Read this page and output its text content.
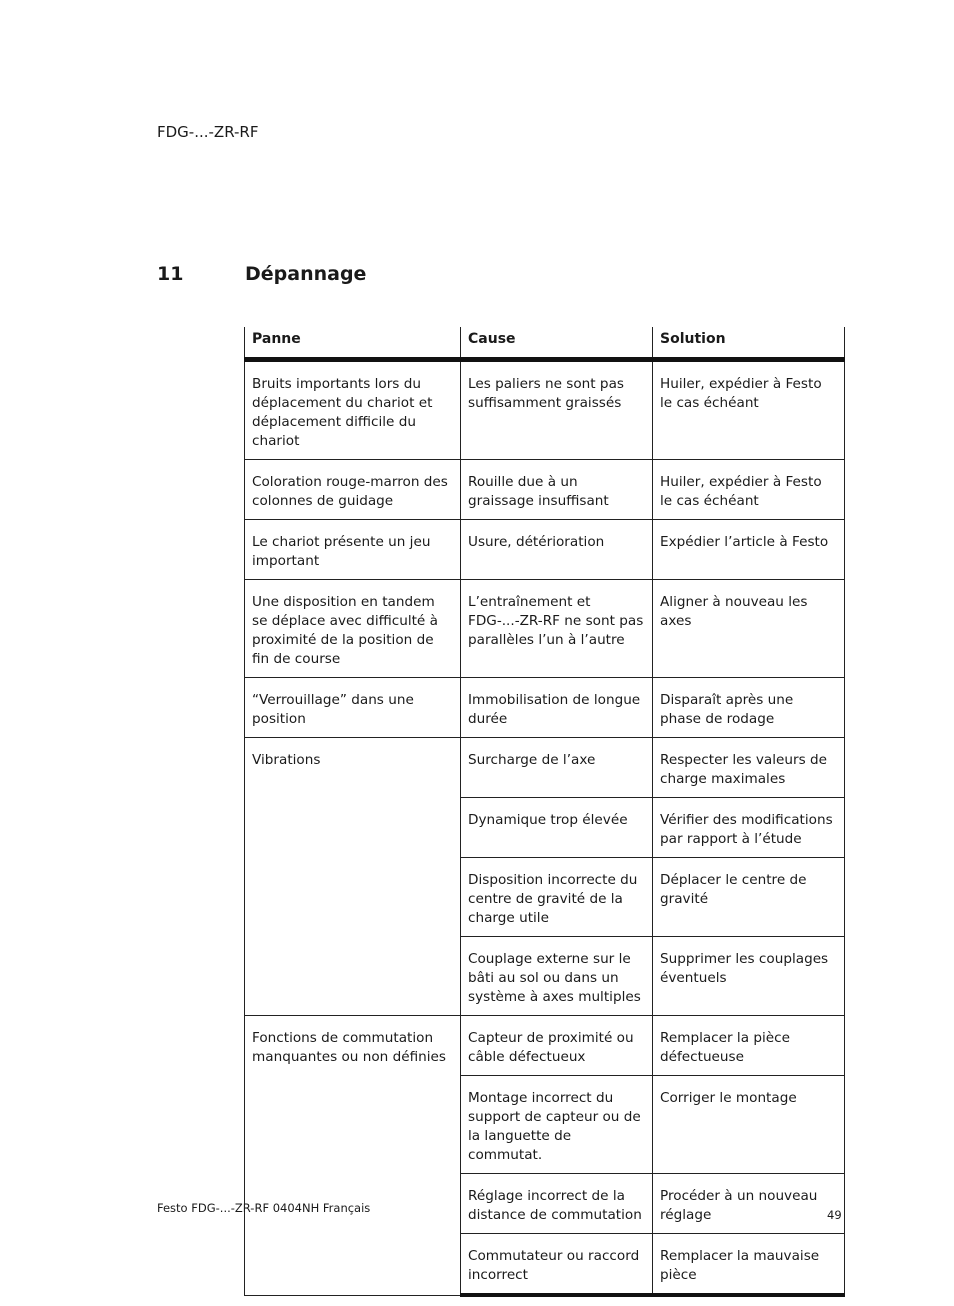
FDG-...-ZR-RF
11	Dépannage
Panne	Cause	Solution
Bruits importants lors du déplacement du chariot et déplacement difficile du chariot	Les paliers ne sont pas suffisamment graissés	Huiler, expédier à Festo le cas échéant
Coloration rouge-marron des colonnes de guidage	Rouille due à un graissage insuffisant	Huiler, expédier à Festo le cas échéant
Le chariot présente un jeu important	Usure, détérioration	Expédier l’article à Festo
Une disposition en tandem se déplace avec difficulté à proximité de la position de fin de course	L’entraînement et FDG-...-ZR-RF ne sont pas parallèles l’un à l’autre	Aligner à nouveau les axes
“Verrouillage” dans une position	Immobilisation de longue durée	Disparaît après une phase de rodage
Vibrations	Surcharge de l’axe	Respecter les valeurs de charge maximales
	Dynamique trop élevée	Vérifier des modifications par rapport à l’étude
	Disposition incorrecte du centre de gravité de la charge utile	Déplacer le centre de gravité
	Couplage externe sur le bâti au sol ou dans un système à axes multiples	Supprimer les couplages éventuels
Fonctions de commutation manquantes ou non définies	Capteur de proximité ou câble défectueux	Remplacer la pièce défectueuse
	Montage incorrect du support de capteur ou de la languette de commutat.	Corriger le montage
	Réglage incorrect de la distance de commutation	Procéder à un nouveau réglage
	Commutateur ou raccord incorrect	Remplacer la mauvaise pièce
Festo FDG-...-ZR-RF 0404NH Français	49
